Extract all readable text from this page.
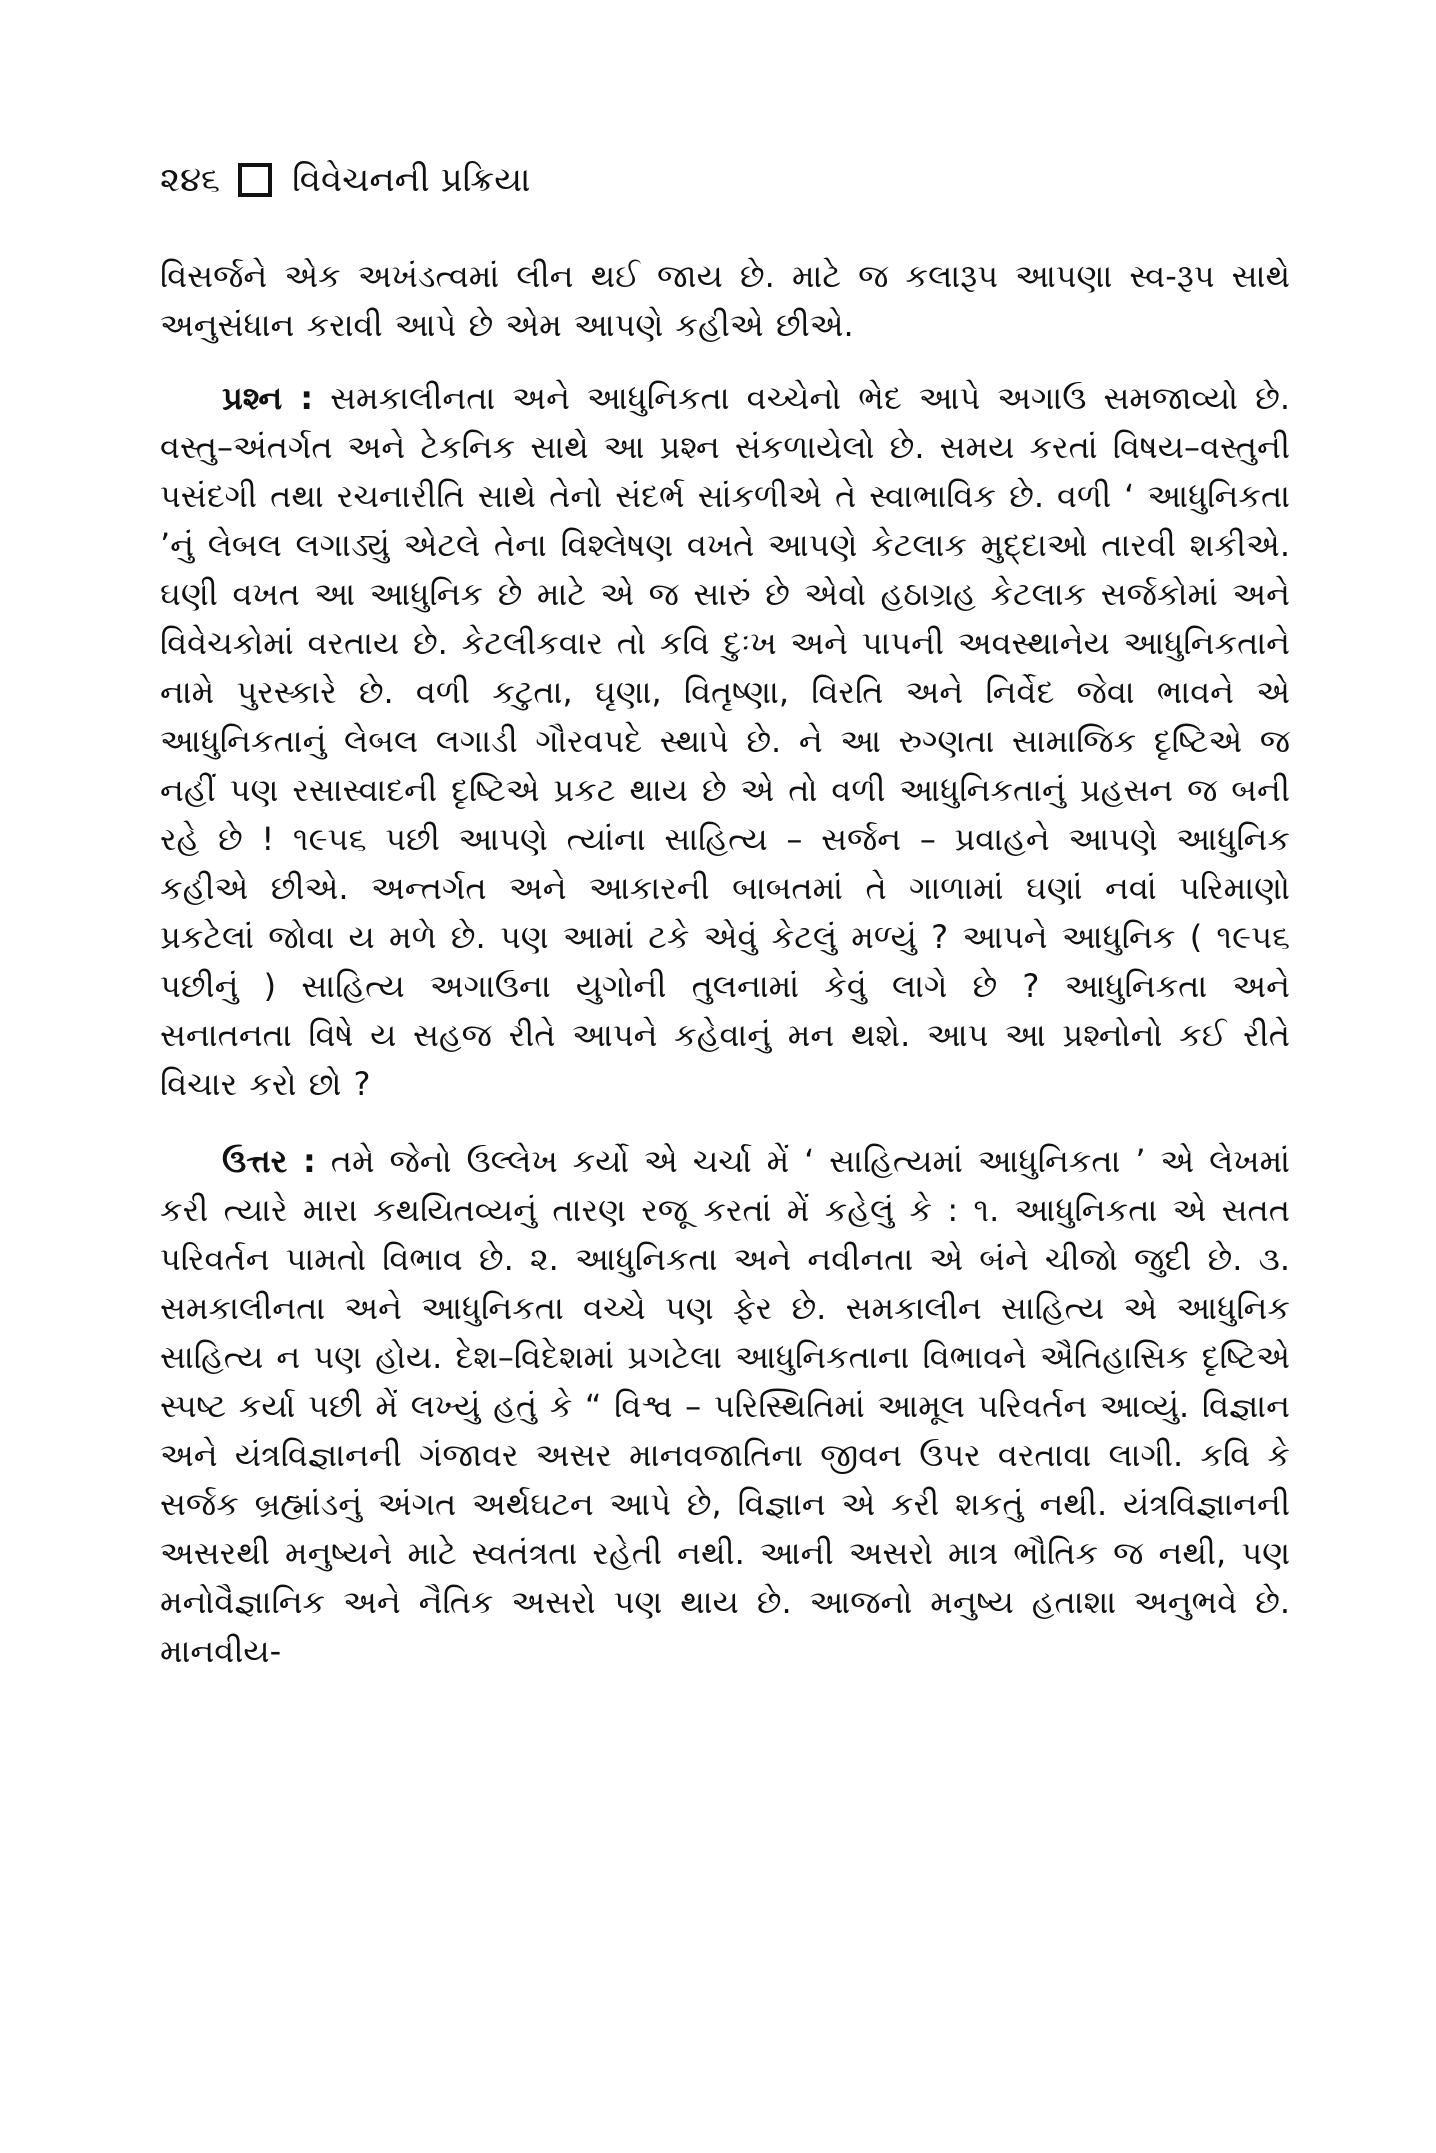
૨૪૬ વિવેચનની પ્રક્રિયા

વિસર્જને એક અખંડત્વમાં લીન થઈ જાય છે. માટે જ કલારૂપ આપણા સ્વ-રૂપ સાથે અનુસંધાન કરાવી આપે છે એમ આપણે કહીએ છીએ.

પ્રશ્ન : સમકાલીનતા અને આધુનિકતા વચ્ચેનો ભેદ આપે અગાઉ સમજાવ્યો છે. વસ્તુ–અંતર્ગત અને ટેકનિક સાથે આ પ્રશ્ન સંકળાયેલો છે. સમય કરતાં વિષય–વસ્તુની પસંદગી તથા રચનારીતિ સાથે તેનો સંદર્ભ સાંકળીએ તે સ્વાભાવિક છે. વળી ‘ આધુનિકતા ’નું લેબલ લગાડ્યું એટલે તેના વિશ્લેષણ વખતે આપણે કેટલાક મુદ્દાઓ તારવી શકીએ. ઘણી વખત આ આધુનિક છે માટે એ જ સારું છે એવો હઠાગ્રહ કેટલાક સર્જકોમાં અને વિવેચકોમાં વરતાય છે. કેટલીકવાર તો કવિ દુઃખ અને પાપની અવસ્થાનેય આધુનિકતાને નામે પુરસ્કારે છે. વળી કટુતા, ઘૃણા, વિતૃષ્ણા, વિરતિ અને નિર્વેદ જેવા ભાવને એ આધુનિકતાનું લેબલ લગાડી ગૌરવપદે સ્થાપે છે. ને આ રુગ્ણતા સામાજિક દૃષ્ટિએ જ નહીં પણ રસાસ્વાદની દૃષ્ટિએ પ્રકટ થાય છે એ તો વળી આધુનિકતાનું પ્રહસન જ બની રહે છે ! ૧૯૫૬ પછી આપણે ત્યાંના સાહિત્ય – સર્જન – પ્રવાહને આપણે આધુનિક કહીએ છીએ. અન્તર્ગત અને આકારની બાબતમાં તે ગાળામાં ઘણાં નવાં પરિમાણો પ્રકટેલાં જોવા ય મળે છે. પણ આમાં ટકે એવું કેટલું મળ્યું ? આપને આધુનિક ( ૧૯૫૬ પછીનું ) સાહિત્ય અગાઉના યુગોની તુલનામાં કેવું લાગે છે ? આધુનિકતા અને સનાતનતા વિષે ય સહજ રીતે આપને કહેવાનું મન થશે. આપ આ પ્રશ્નોનો કઈ રીતે વિચાર કરો છો ?

ઉત્તર : તમે જેનો ઉલ્લેખ કર્યો એ ચર્ચા મેં ‘ સાહિત્યમાં આધુનિકતા ’ એ લેખમાં કરી ત્યારે મારા કથયિતવ્યનું તારણ રજૂ કરતાં મેં કહેલું કે : ૧. આધુનિકતા એ સતત પરિવર્તન પામતો વિભાવ છે. ૨. આધુનિકતા અને નવીનતા એ બંને ચીજો જુદી છે. ૩. સમકાલીનતા અને આધુનિકતા વચ્ચે પણ ફેર છે. સમકાલીન સાહિત્ય એ આધુનિક સાહિત્ય ન પણ હોય. દેશ–વિદેશમાં પ્રગટેલા આધુનિકતાના વિભાવને ઐતિહાસિક દૃષ્ટિએ સ્પષ્ટ કર્યા પછી મેં લખ્યું હતું કે “ વિશ્વ – પરિસ્થિતિમાં આમૂલ પરિવર્તન આવ્યું. વિજ્ઞાન અને યંત્રવિજ્ઞાનની ગંજાવર અસર માનવજાતિના જીવન ઉપર વરતાવા લાગી. કવિ કે સર્જક બ્રહ્માંડનું અંગત અર્થઘટન આપે છે, વિજ્ઞાન એ કરી શકતું નથી. યંત્રવિજ્ઞાનની અસરથી મનુષ્યને માટે સ્વતંત્રતા રહેતી નથી. આની અસરો માત્ર ભૌતિક જ નથી, પણ મનોવૈજ્ઞાનિક અને નૈતિક અસરો પણ થાય છે. આજનો મનુષ્ય હતાશા અનુભવે છે. માનવીય-
